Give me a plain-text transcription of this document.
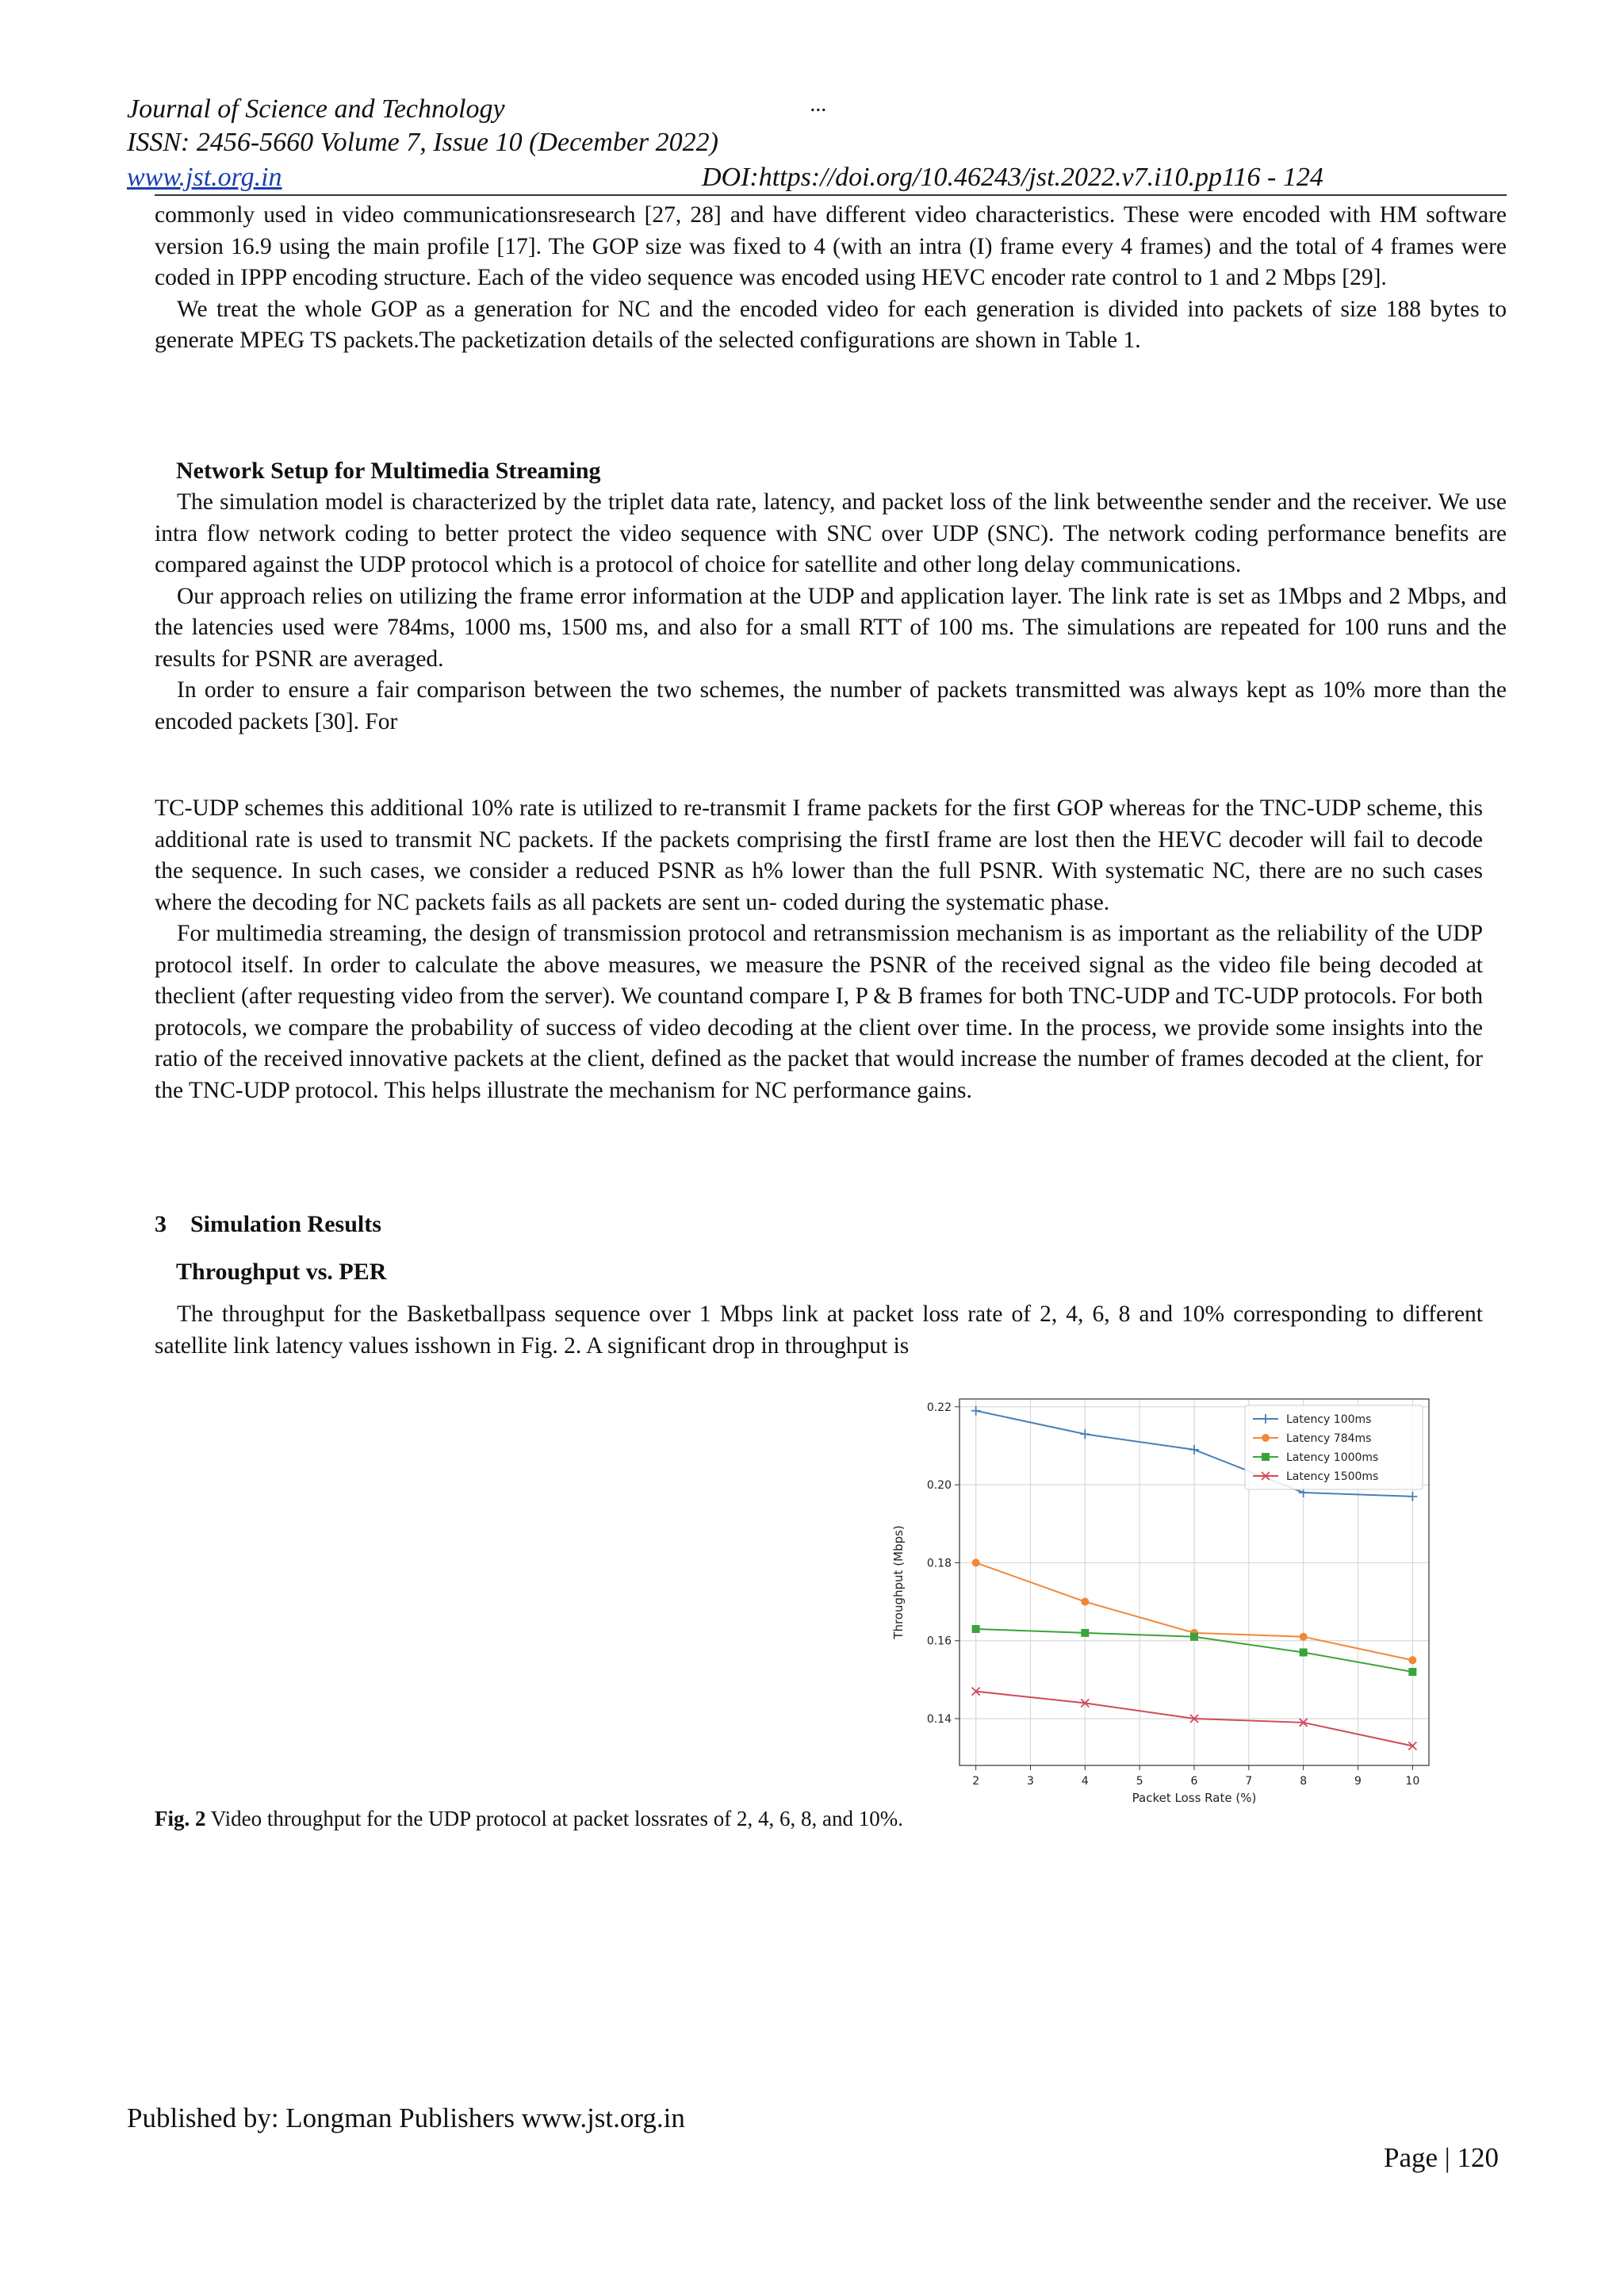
Journal of Science and Technology	...
ISSN: 2456-5660 Volume 7, Issue 10 (December 2022)
www.jst.org.in	DOI:https://doi.org/10.46243/jst.2022.v7.i10.pp116 - 124

commonly used in video communicationsresearch [27, 28] and have different video characteristics. These were encoded with HM software version 16.9 using the main profile [17]. The GOP size was fixed to 4 (with an intra (I) frame every 4 frames) and the total of 4 frames were coded in IPPP encoding structure. Each of the video sequence was encoded using HEVC encoder rate control to 1 and 2 Mbps [29].

We treat the whole GOP as a generation for NC and the encoded video for each generation is divided into packets of size 188 bytes to generate MPEG TS packets.The packetization details of the selected configurations are shown in Table 1.

Network Setup for Multimedia Streaming

The simulation model is characterized by the triplet data rate, latency, and packet loss of the link betweenthe sender and the receiver. We use intra flow network coding to better protect the video sequence with SNC over UDP (SNC). The network coding performance benefits are compared against the UDP protocol which is a protocol of choice for satellite and other long delay communications.

Our approach relies on utilizing the frame error information at the UDP and application layer. The link rate is set as 1Mbps and 2 Mbps, and the latencies used were 784ms, 1000 ms, 1500 ms, and also for a small RTT of 100 ms. The simulations are repeated for 100 runs and the results for PSNR are averaged.

In order to ensure a fair comparison between the two schemes, the number of packets transmitted was always kept as 10% more than the encoded packets [30]. For

TC-UDP schemes this additional 10% rate is utilized to re-transmit I frame packets for the first GOP whereas for the TNC-UDP scheme, this additional rate is used to transmit NC packets. If the packets comprising the firstI frame are lost then the HEVC decoder will fail to decode the sequence. In such cases, we consider a reduced PSNR as h% lower than the full PSNR. With systematic NC, there are no such cases where the decoding for NC packets fails as all packets are sent un- coded during the systematic phase.

For multimedia streaming, the design of transmission protocol and retransmission mechanism is as important as the reliability of the UDP protocol itself. In order to calculate the above measures, we measure the PSNR of the received signal as the video file being decoded at theclient (after requesting video from the server). We countand compare I, P & B frames for both TNC-UDP and TC-UDP protocols. For both protocols, we compare the probability of success of video decoding at the client over time. In the process, we provide some insights into the ratio of the received innovative packets at the client, defined as the packet that would increase the number of frames decoded at the client, for the TNC-UDP protocol. This helps illustrate the mechanism for NC performance gains.

3    Simulation Results
Throughput vs. PER

The throughput for the Basketballpass sequence over 1 Mbps link at packet loss rate of 2, 4, 6, 8 and 10% corresponding to different satellite link latency values isshown in Fig. 2. A significant drop in throughput is

2	3	4	5	6	7	8	9	10
0.14
0.16
0.18
0.20
0.22
Packet Loss Rate (%)
Throughput (Mbps)
Latency 100ms
Latency 784ms
Latency 1000ms
Latency 1500ms
Fig. 2 Video throughput for the UDP protocol at packet lossrates of 2, 4, 6, 8, and 10%.
Published by: Longman Publishers www.jst.org.in
Page | 120
